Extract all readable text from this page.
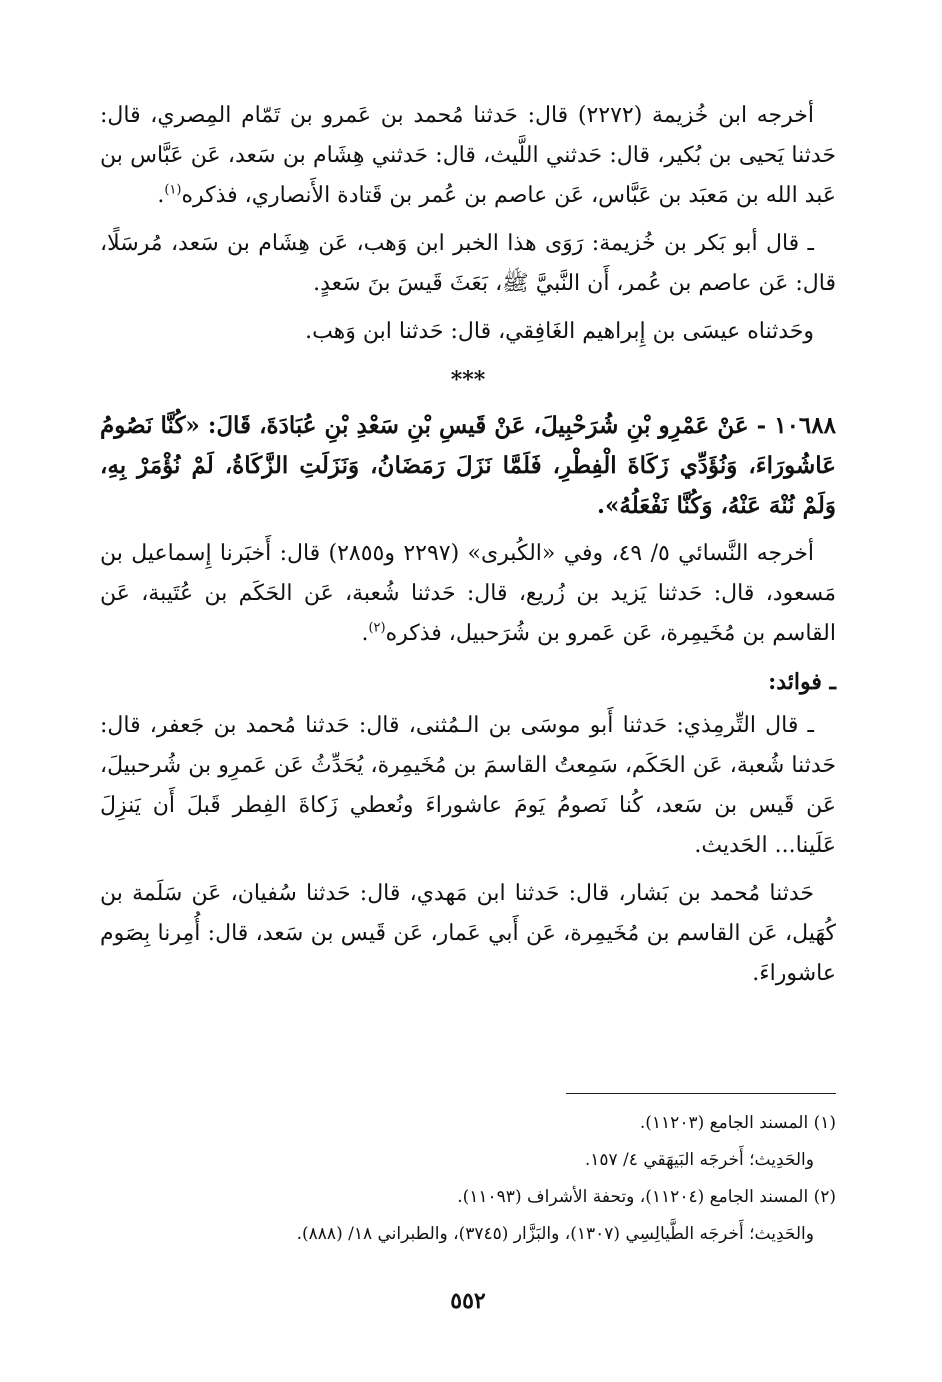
أخرجه ابن خُزيمة (٢٢٧٢) قال: حَدثنا مُحمد بن عَمرو بن تَمّام المِصري، قال: حَدثنا يَحيى بن بُكير، قال: حَدثني اللَّيث، قال: حَدثني هِشَام بن سَعد، عَن عَبَّاس بن عَبد الله بن مَعبَد بن عَبَّاس، عَن عاصم بن عُمر بن قَتادة الأَنصاري، فذكره$^{(١)}$.

ـ قال أبو بَكر بن خُزيمة: رَوَى هذا الخبر ابن وَهب، عَن هِشَام بن سَعد، مُرسَلًا، قال: عَن عاصم بن عُمر، أَن النَّبيَّ ﷺ، بَعَثَ قَيسَ بنَ سَعدٍ.

وحَدثناه عيسَى بن إِبراهيم الغَافِقي، قال: حَدثنا ابن وَهب.

***

١٠٦٨٨ - عَنْ عَمْرِو بْنِ شُرَحْبِيلَ، عَنْ قَيسِ بْنِ سَعْدِ بْنِ عُبَادَةَ، قَالَ: «كُنَّا نَصُومُ عَاشُورَاءَ، وَنُؤَدِّي زَكَاةَ الْفِطْرِ، فَلَمَّا نَزَلَ رَمَضَانُ، وَنَزَلَتِ الزَّكَاةُ، لَمْ نُؤْمَرْ بِهِ، وَلَمْ نُنْهَ عَنْهُ، وَكُنَّا نَفْعَلُهُ».

أخرجه النَّسائي ٥/ ٤٩، وفي «الكُبرى» (٢٢٩٧ و٢٨٥٥) قال: أَخبَرنا إِسماعيل بن مَسعود، قال: حَدثنا يَزيد بن زُريع، قال: حَدثنا شُعبة، عَن الحَكَم بن عُتَيبة، عَن القاسم بن مُخَيمِرة، عَن عَمرو بن شُرَحبيل، فذكره$^{(٢)}$.

ـ فوائد:

ـ قال التِّرمِذي: حَدثنا أَبو موسَى بن الـمُثنى، قال: حَدثنا مُحمد بن جَعفر، قال: حَدثنا شُعبة، عَن الحَكَم، سَمِعتُ القاسمَ بن مُخَيمِرة، يُحَدِّثُ عَن عَمرِو بن شُرحبيلَ، عَن قَيس بن سَعد، كُنا نَصومُ يَومَ عاشوراءَ ونُعطي زَكاةَ الفِطر قَبلَ أَن يَنزِلَ عَلَينا... الحَديث.

حَدثنا مُحمد بن بَشار، قال: حَدثنا ابن مَهدي، قال: حَدثنا سُفيان، عَن سَلَمة بن كُهَيل، عَن القاسم بن مُخَيمِرة، عَن أَبي عَمار، عَن قَيس بن سَعد، قال: أُمِرنا بِصَوم عاشوراءَ.

(١) المسند الجامع (١١٢٠٣).

والحَدِيث؛ أَخرجَه البَيهَقي ٤/ ١٥٧.

(٢) المسند الجامع (١١٢٠٤)، وتحفة الأشراف (١١٠٩٣).

والحَدِيث؛ أَخرجَه الطَّيالِسِي (١٣٠٧)، والبَزَّار (٣٧٤٥)، والطبراني ١٨/ (٨٨٨).

٥٥٢
